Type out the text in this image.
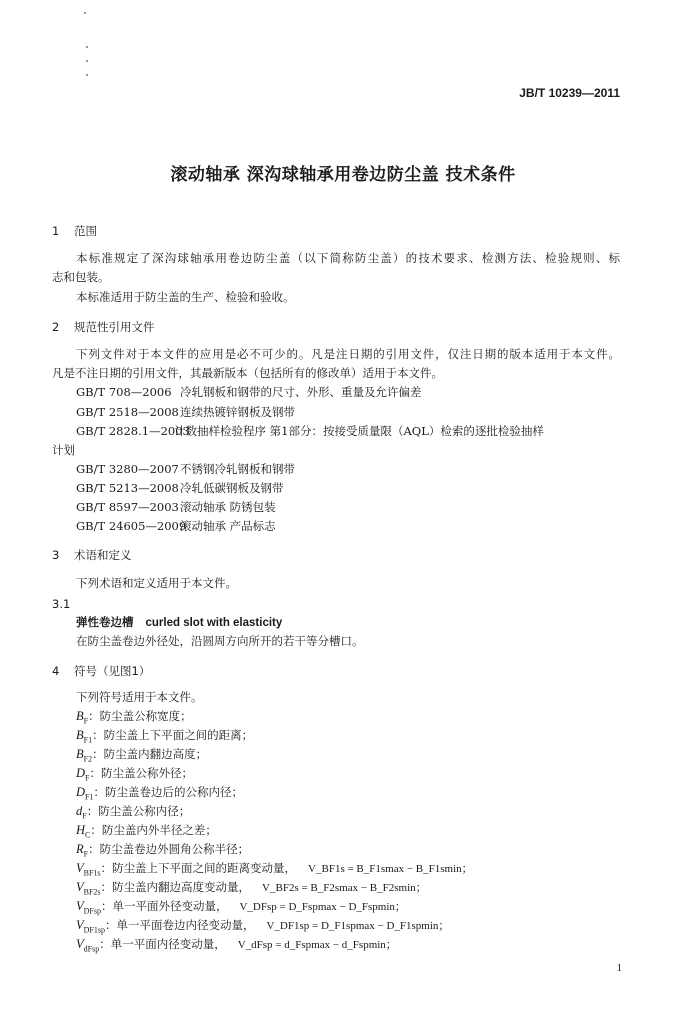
JB/T 10239—2011
滚动轴承 深沟球轴承用卷边防尘盖 技术条件
1 范围
本标准规定了深沟球轴承用卷边防尘盖（以下简称防尘盖）的技术要求、检测方法、检验规则、标
志和包装。
本标准适用于防尘盖的生产、检验和验收。
2 规范性引用文件
下列文件对于本文件的应用是必不可少的。凡是注日期的引用文件，仅注日期的版本适用于本文件。
凡是不注日期的引用文件，其最新版本（包括所有的修改单）适用于本文件。
GB/T 708—2006 冷轧钢板和钢带的尺寸、外形、重量及允许偏差
GB/T 2518—2008连续热镀锌钢板及钢带
GB/T 2828.1—2003计数抽样检验程序 第1部分：按接受质量限（AQL）检索的逐批检验抽样
计划
GB/T 3280—2007不锈钢冷轧钢板和钢带
GB/T 5213—2008冷轧低碳钢板及钢带
GB/T 8597—2003滚动轴承 防锈包装
GB/T 24605—2009滚动轴承 产品标志
3 术语和定义
下列术语和定义适用于本文件。
3.1
弹性卷边槽 curled slot with elasticity
在防尘盖卷边外径处，沿圆周方向所开的若干等分槽口。
4 符号（见图1）
下列符号适用于本文件。
$B_F$：防尘盖公称宽度；
$B_{F1}$：防尘盖上下平面之间的距离；
$B_{F2}$：防尘盖内翻边高度；
$D_F$：防尘盖公称外径；
$D_{F1}$：防尘盖卷边后的公称内径；
$d_F$：防尘盖公称内径；
$H_C$：防尘盖内外半径之差；
$R_F$：防尘盖卷边外圆角公称半径；
$V_{BF1s}$：防尘盖上下平面之间的距离变动量， V_BF1s = B_F1smax − B_F1smin；
$V_{BF2s}$：防尘盖内翻边高度变动量， V_BF2s = B_F2smax − B_F2smin；
$V_{DFsp}$：单一平面外径变动量， V_DFsp = D_Fspmax − D_Fspmin；
$V_{DF1sp}$：单一平面卷边内径变动量， V_DF1sp = D_F1spmax − D_F1spmin；
$V_{dFsp}$：单一平面内径变动量， V_dFsp = d_Fspmax − d_Fspmin；
1
